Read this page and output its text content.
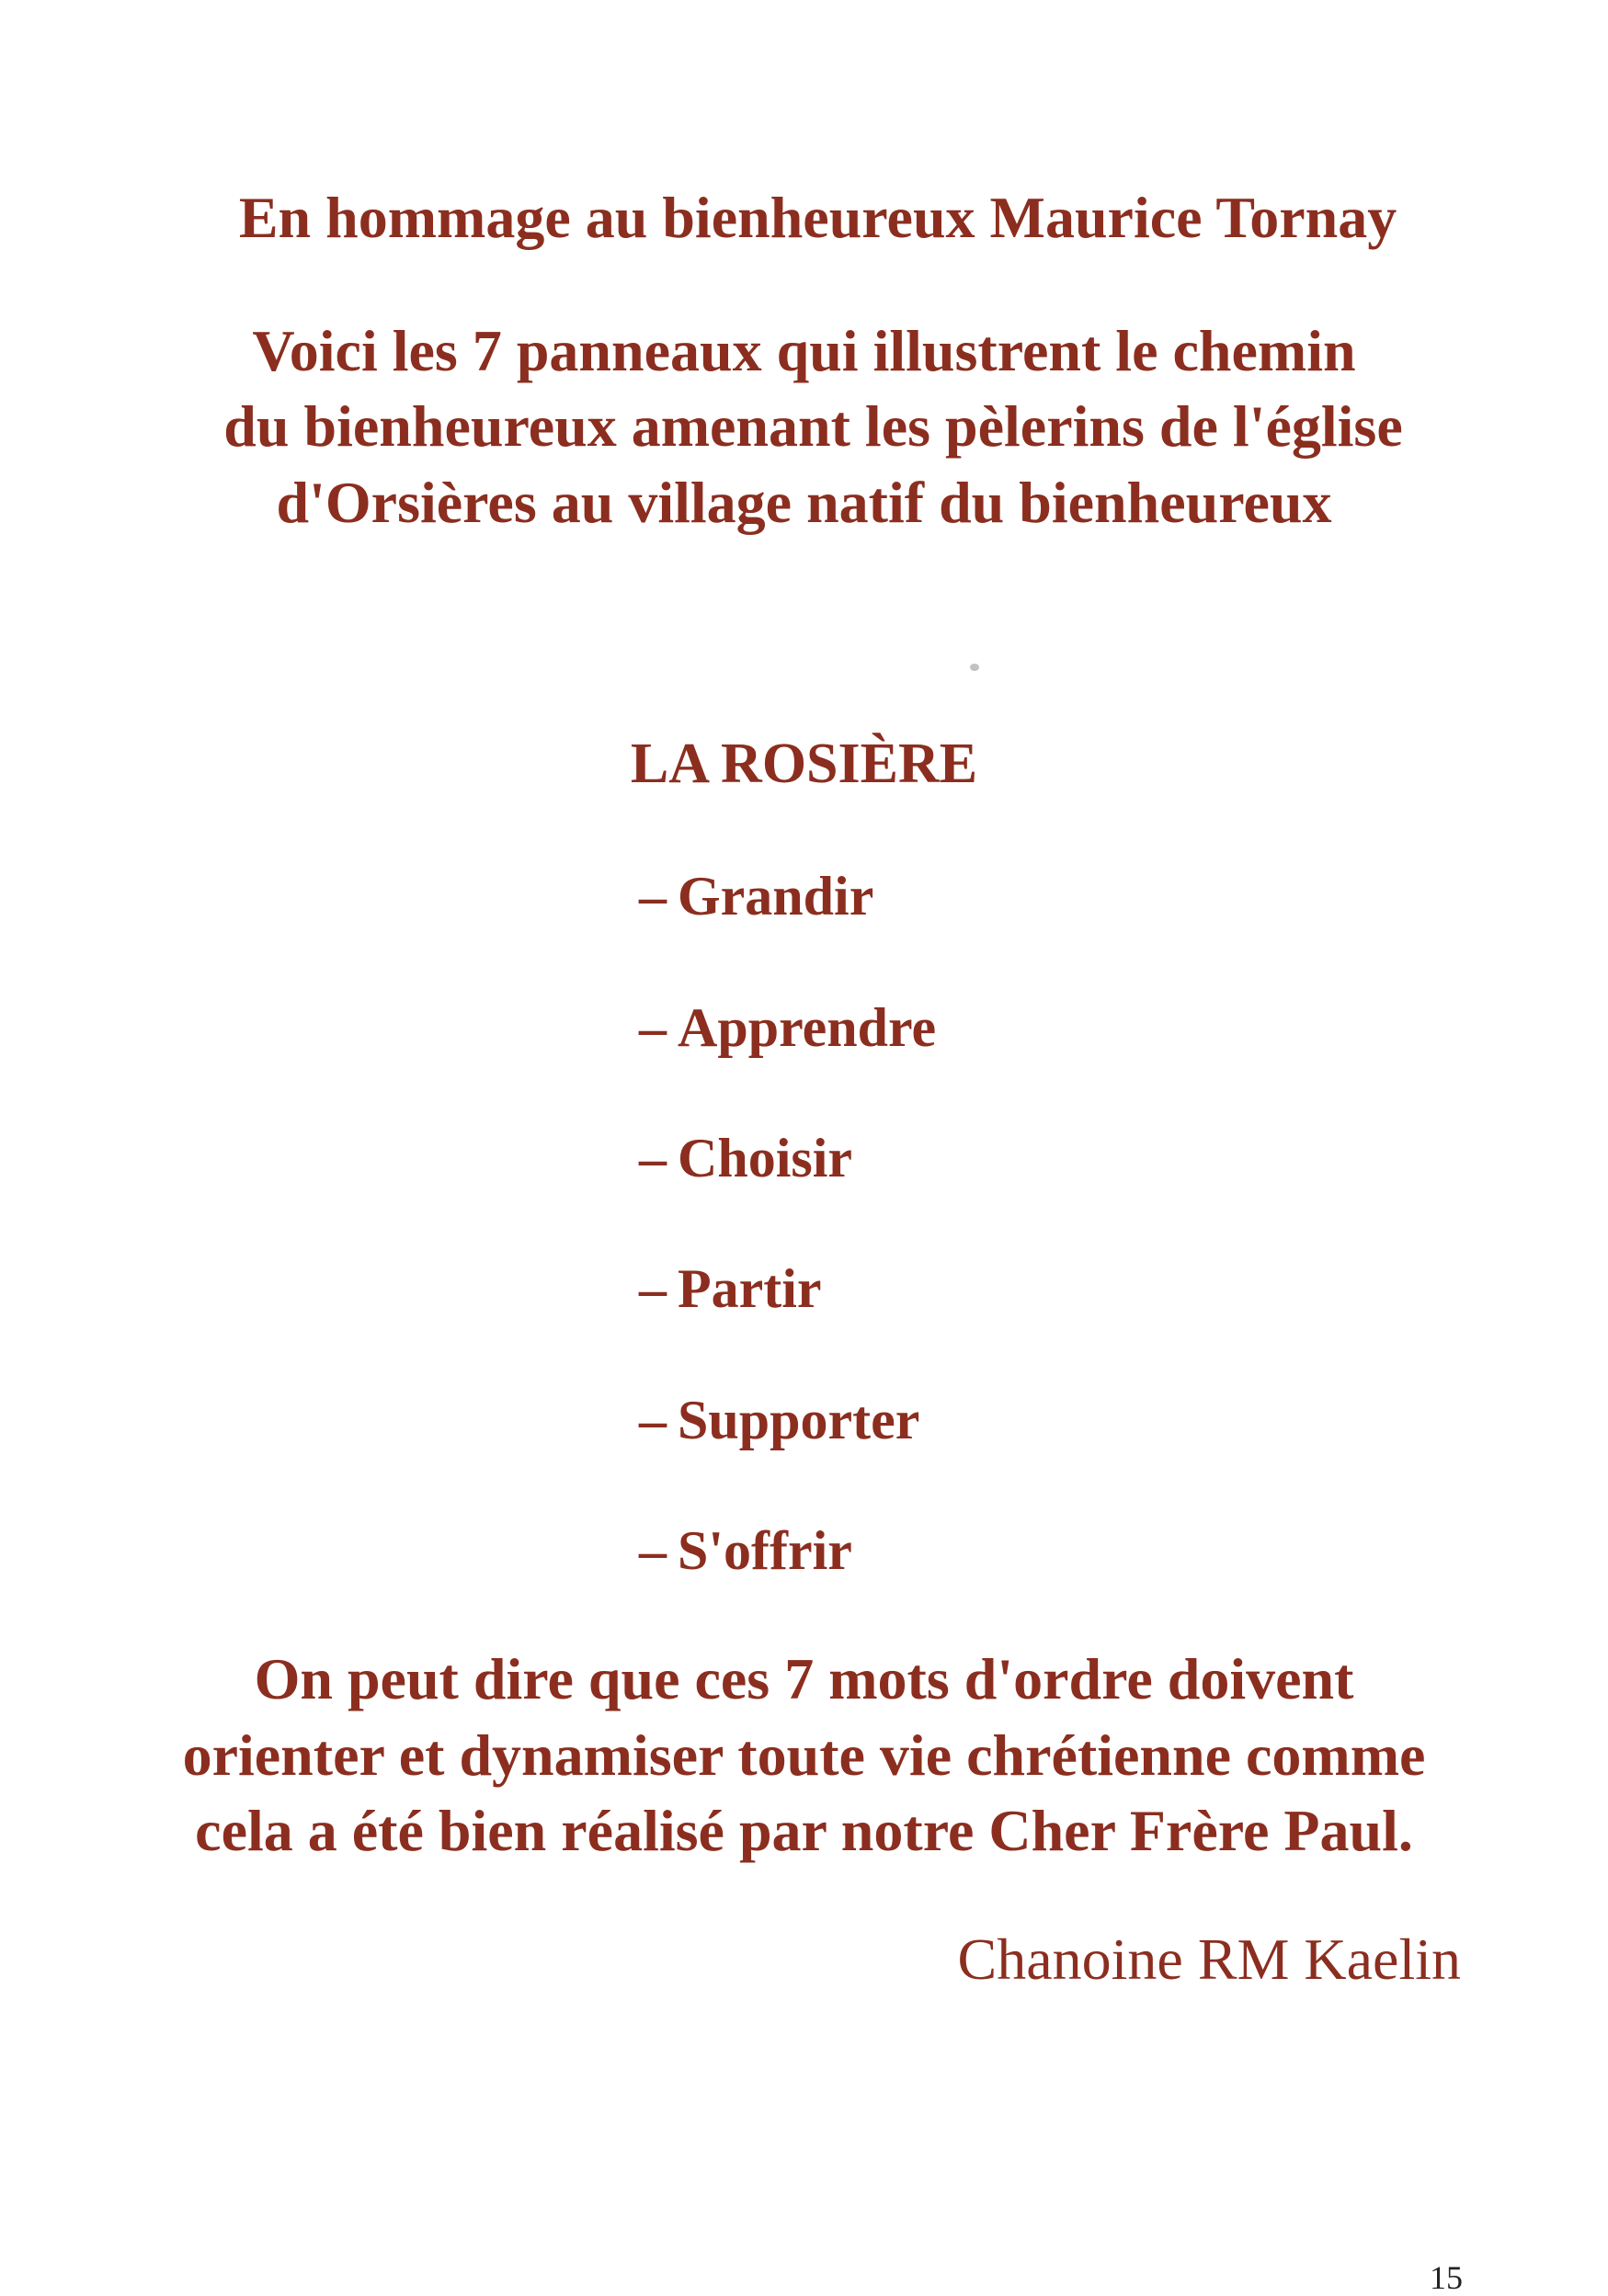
En hommage au bienheureux Maurice Tornay
Voici les 7 panneaux qui illustrent le chemin
du bienheureux amenant les pèlerins de l'église
d'Orsières au village natif du bienheureux
LA ROSIÈRE
– Grandir
– Apprendre
– Choisir
– Partir
– Supporter
– S'offrir
On peut dire que ces 7 mots d'ordre doivent
orienter et dynamiser toute vie chrétienne comme
cela a été bien réalisé par notre Cher Frère Paul.
Chanoine RM Kaelin
15
